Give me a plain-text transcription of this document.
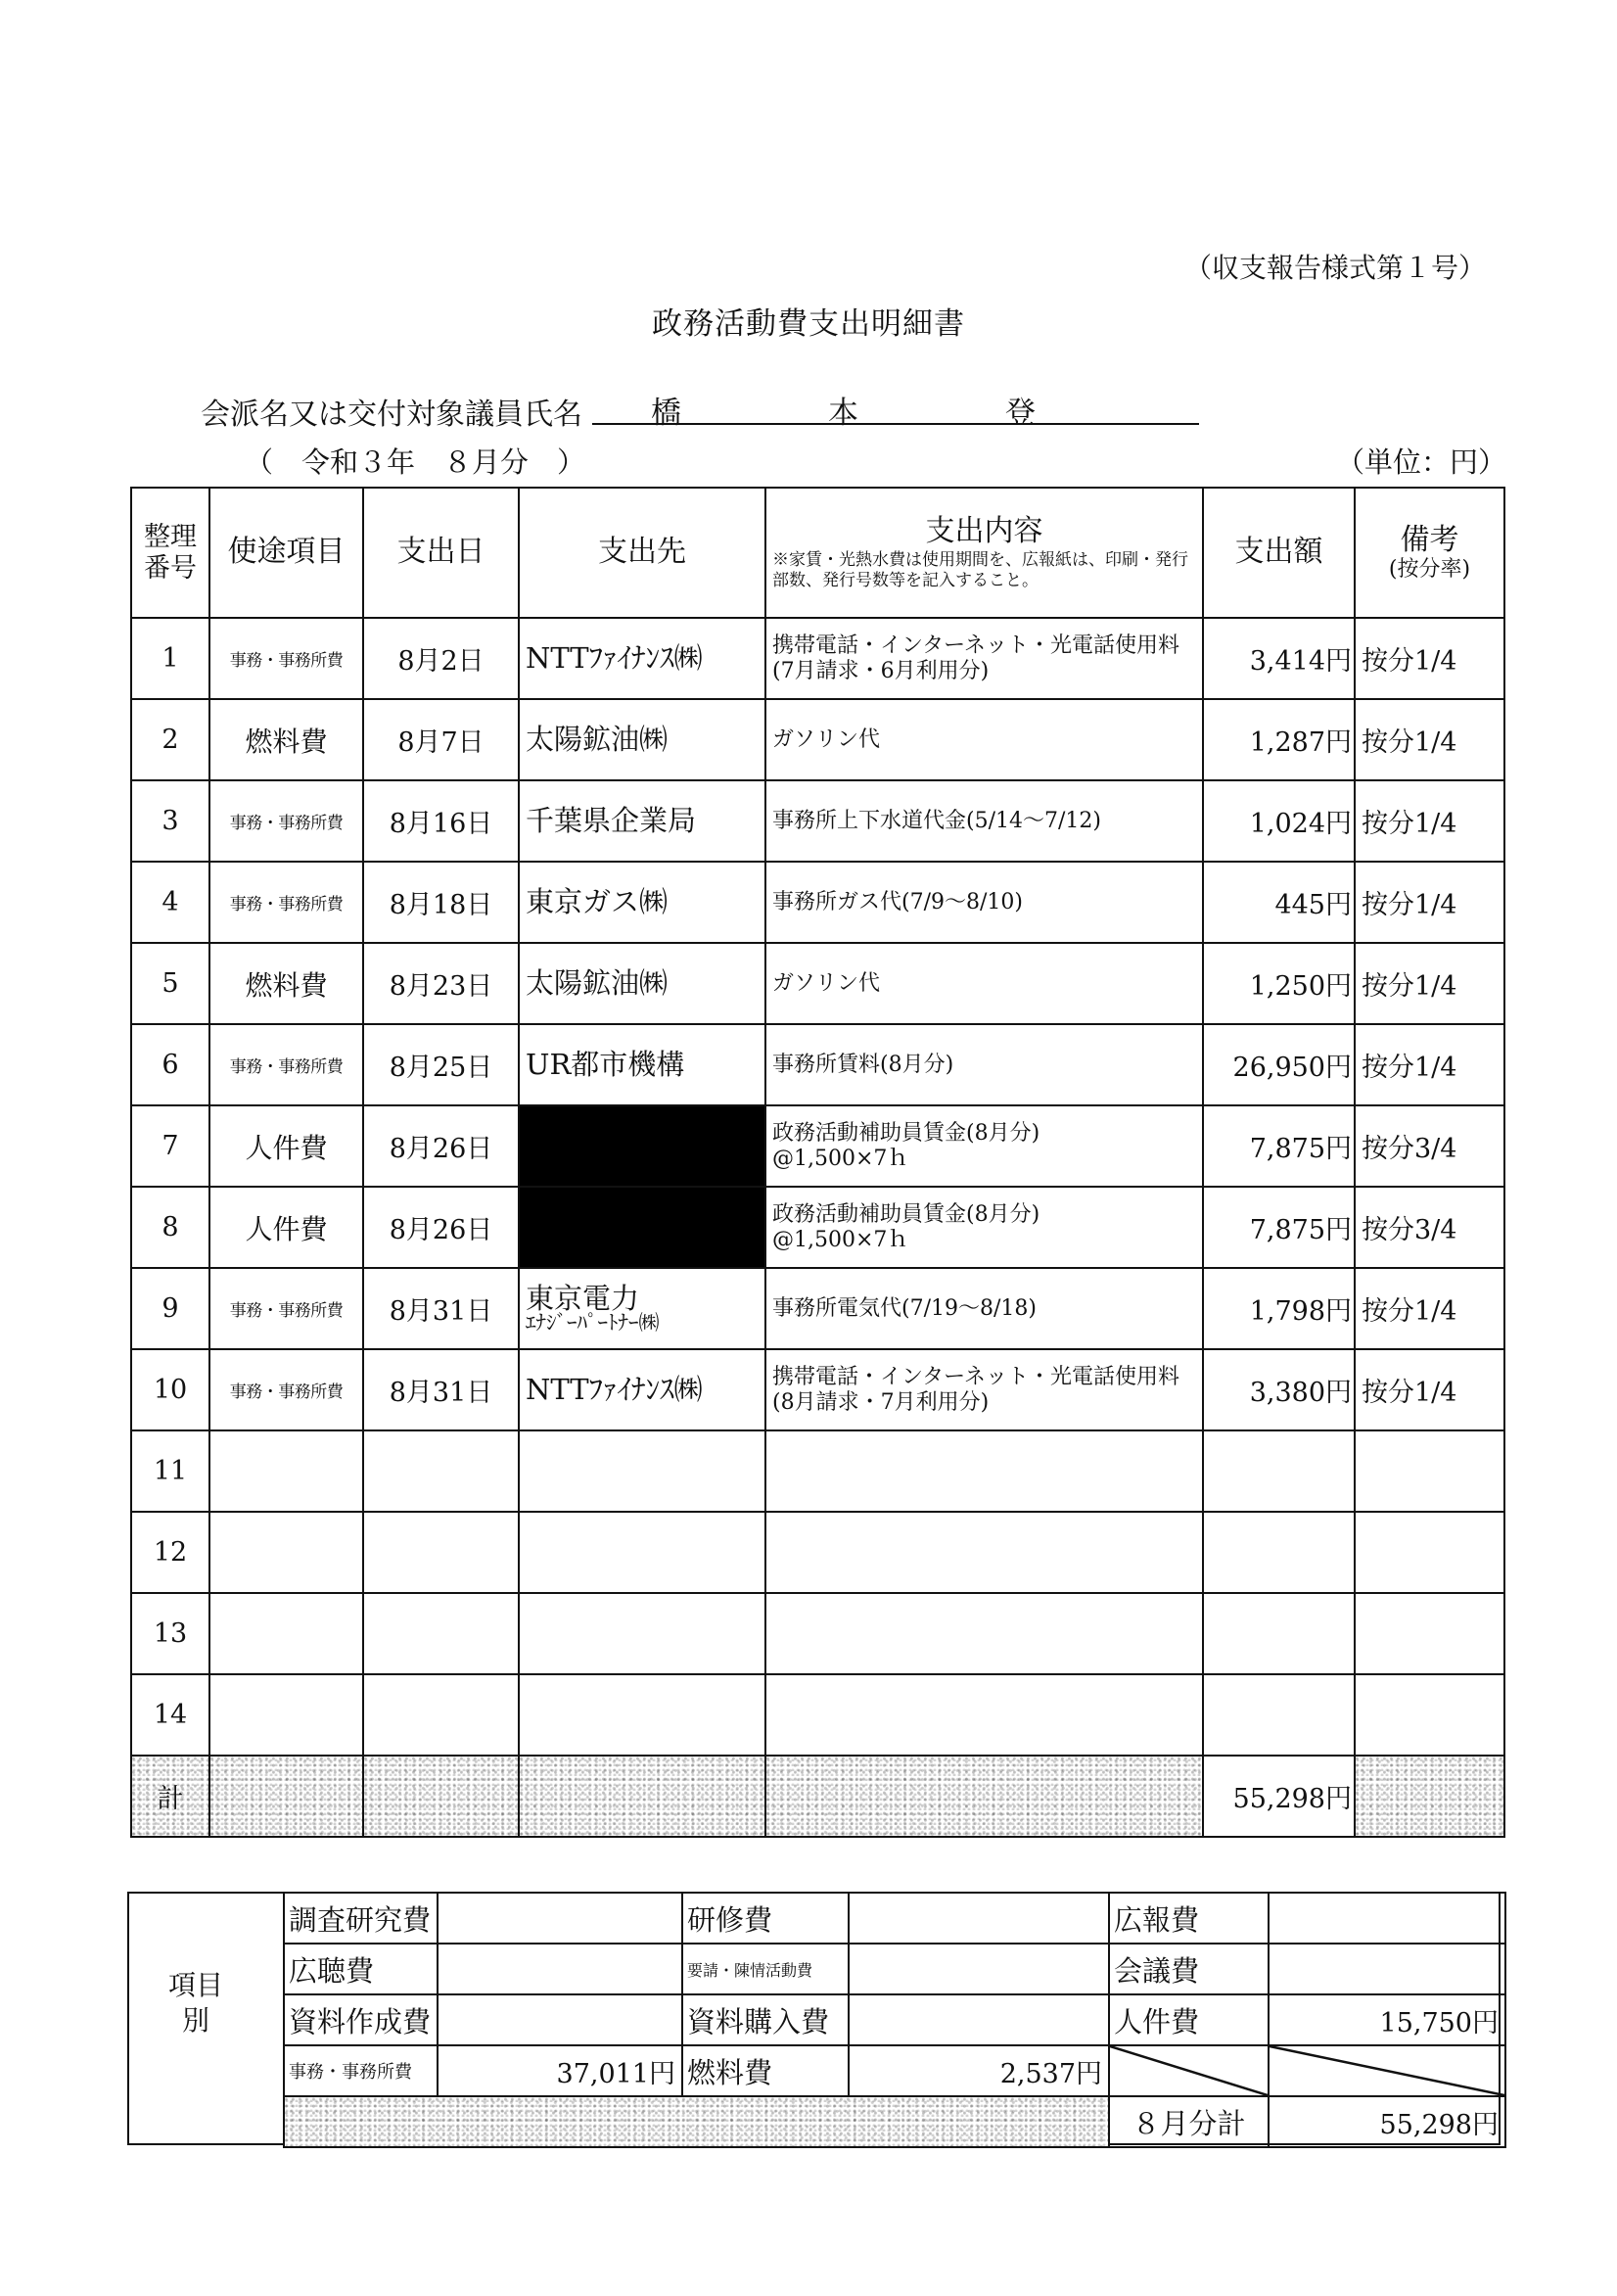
（収支報告様式第１号）
政務活動費支出明細書
会派名又は交付対象議員氏名 橋本登
（　令和３年　８月分　）	（単位：円）
整理番号	使途項目	支出日	支出先	支出内容
※家賃・光熱水費は使用期間を、広報紙は、印刷・発行部数、発行号数等を記入すること。	支出額	備考
(按分率)

1	事務・事務所費	8月2日	NTTﾌｧｲﾅﾝｽ㈱	携帯電話・インターネット・光電話使用料(7月請求・6月利用分)	3,414円	按分1/4
2	燃料費	8月7日	太陽鉱油㈱	ガソリン代	1,287円	按分1/4
3	事務・事務所費	8月16日	千葉県企業局	事務所上下水道代金(5/14～7/12)	1,024円	按分1/4
4	事務・事務所費	8月18日	東京ガス㈱	事務所ガス代(7/9～8/10)	445円	按分1/4
5	燃料費	8月23日	太陽鉱油㈱	ガソリン代	1,250円	按分1/4
6	事務・事務所費	8月25日	UR都市機構	事務所賃料(8月分)	26,950円	按分1/4
7	人件費	8月26日		政務活動補助員賃金(8月分)
@1,500×7ｈ	7,875円	按分3/4
8	人件費	8月26日		政務活動補助員賃金(8月分)
@1,500×7ｈ	7,875円	按分3/4
9	事務・事務所費	8月31日	東京電力
ｴﾅｼﾞｰﾊﾟｰﾄﾅｰ㈱	事務所電気代(7/19～8/18)	1,798円	按分1/4
10	事務・事務所費	8月31日	NTTﾌｧｲﾅﾝｽ㈱	携帯電話・インターネット・光電話使用料(8月請求・7月利用分)	3,380円	按分1/4
11						
12						
13						
14						
計					55,298円	
項目別
調査研究費		研修費		広報費	
広聴費		要請・陳情活動費		会議費	
資料作成費		資料購入費		人件費	15,750円
事務・事務所費	37,011円	燃料費	2,537円		
				８月分計	55,298円
